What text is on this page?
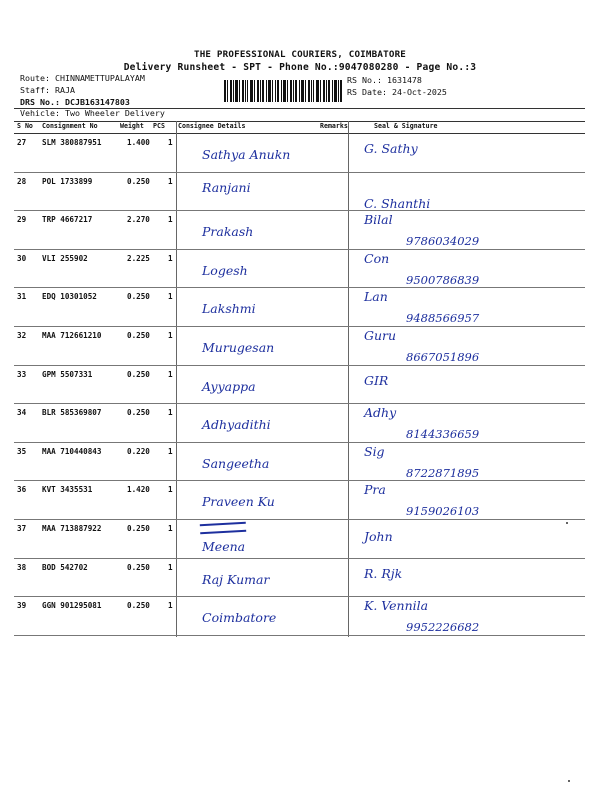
THE PROFESSIONAL COURIERS, COIMBATORE
Delivery Runsheet - SPT - Phone No.:9047080280 - Page No.:3
Route: CHINNAMETTUPALAYAM
Staff: RAJA
DRS No.: DCJB163147803
RS No.: 1631478
RS Date: 24-Oct-2025
Vehicle: Two Wheeler Delivery
S No Consignment No	Weight PCS Consignee Details	Remarks	Seal & Signature
27 SLM 380887951	1.400 1
Sathya Anukn	G. Sathy
28 POL 1733899	0.250 1 Ranjani
C. Shanthi
29 TRP 4667217	2.270 1
Prakash
Bilal
9786034029
30 VLI 255902	2.225 1
Logesh
Con
9500786839
31 EDQ 10301052	0.250 1
Lakshmi
Lan
9488566957
32 MAA 712661210	0.250 1
Murugesan
Guru
8667051896
33 GPM 5507331	0.250 1
Ayyappa	GIR
34 BLR 585369807	0.250 1
Adhyadithi
Adhy
8144336659
35 MAA 710440843	0.220 1
Sangeetha
Sig
8722871895
36 KVT 3435531	1.420 1
Praveen Ku
Pra
9159026103
37 MAA 713887922	0.250 1
Meena
John
38 BOD 542702	0.250 1
Raj Kumar	R. Rjk
39 GGN 901295081	0.250 1
Coimbatore
K. Vennila
9952226682
